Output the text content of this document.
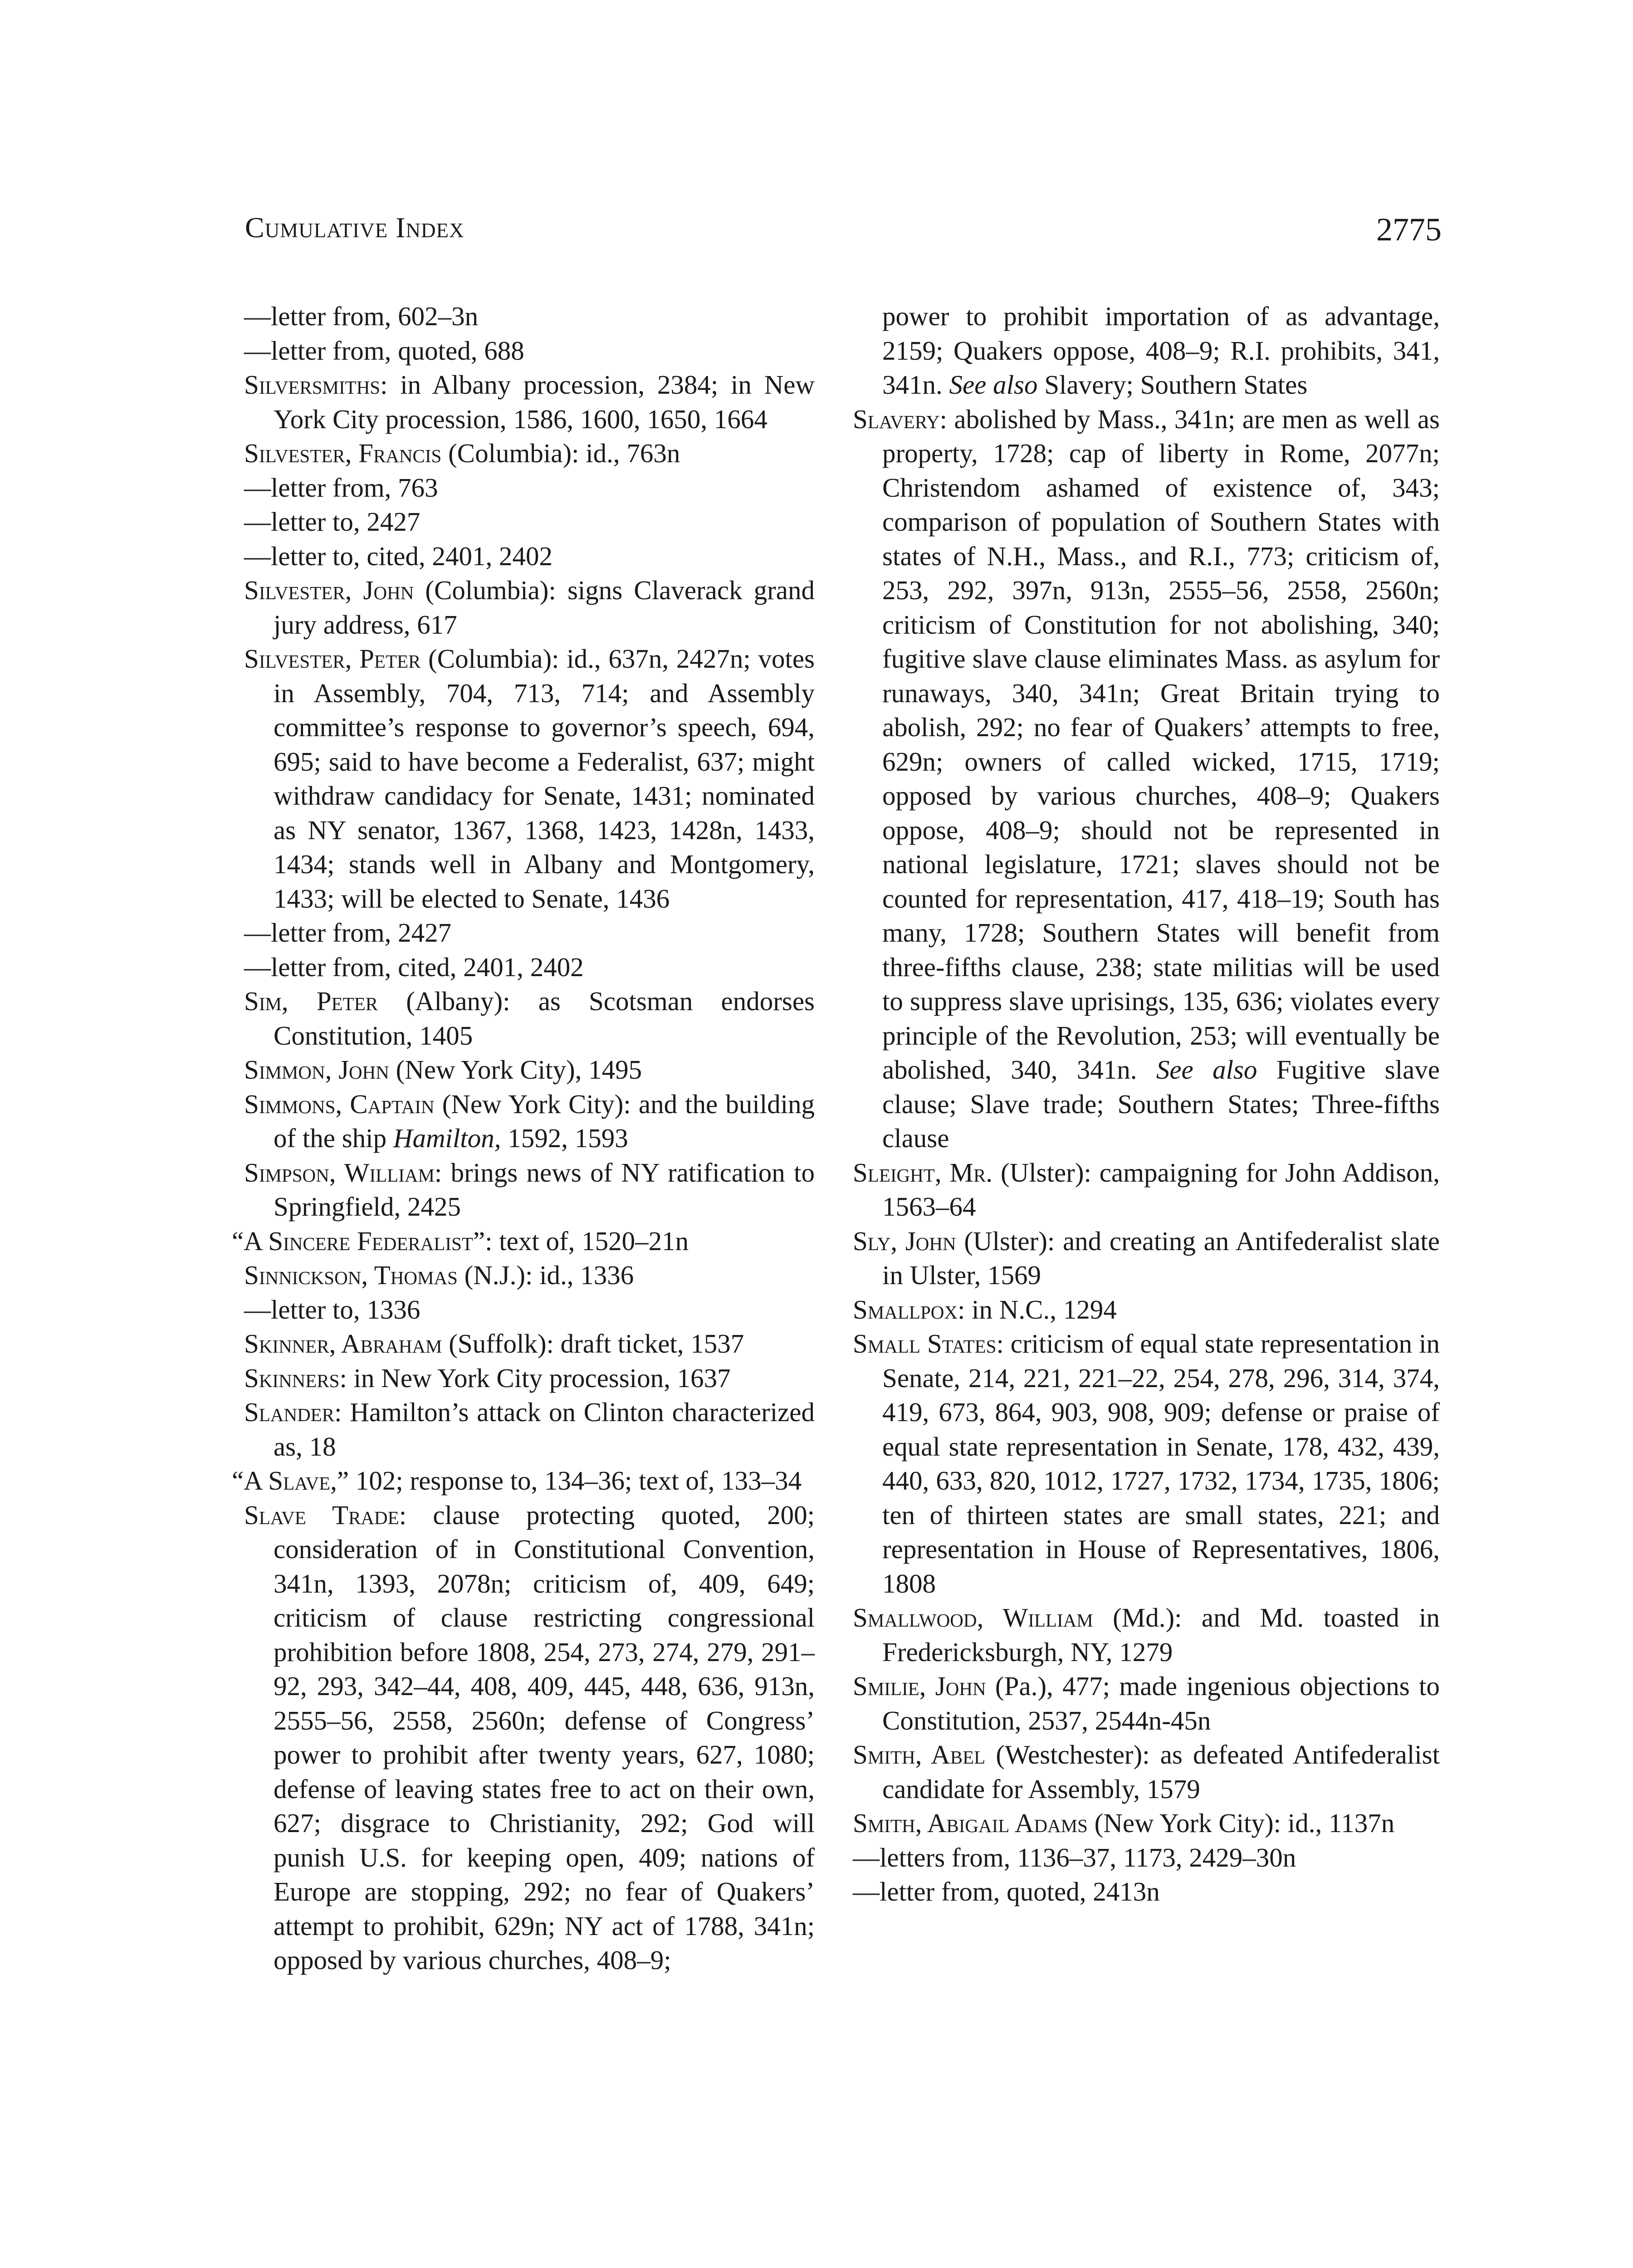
Cumulative Index	2775

—letter from, 602–3n

—letter from, quoted, 688

Silversmiths: in Albany procession, 2384; in New York City procession, 1586, 1600, 1650, 1664

Silvester, Francis (Columbia): id., 763n

—letter from, 763

—letter to, 2427

—letter to, cited, 2401, 2402

Silvester, John (Columbia): signs Claverack grand jury address, 617

Silvester, Peter (Columbia): id., 637n, 2427n; votes in Assembly, 704, 713, 714; and Assembly committee’s response to governor’s speech, 694, 695; said to have become a Federalist, 637; might withdraw candidacy for Senate, 1431; nominated as NY senator, 1367, 1368, 1423, 1428n, 1433, 1434; stands well in Albany and Montgomery, 1433; will be elected to Senate, 1436

—letter from, 2427

—letter from, cited, 2401, 2402

Sim, Peter (Albany): as Scotsman endorses Constitution, 1405

Simmon, John (New York City), 1495

Simmons, Captain (New York City): and the building of the ship Hamilton, 1592, 1593

Simpson, William: brings news of NY ratification to Springfield, 2425

“A Sincere Federalist”: text of, 1520–21n

Sinnickson, Thomas (N.J.): id., 1336

—letter to, 1336

Skinner, Abraham (Suffolk): draft ticket, 1537

Skinners: in New York City procession, 1637

Slander: Hamilton’s attack on Clinton characterized as, 18

“A Slave,” 102; response to, 134–36; text of, 133–34

Slave Trade: clause protecting quoted, 200; consideration of in Constitutional Convention, 341n, 1393, 2078n; criticism of, 409, 649; criticism of clause restricting congressional prohibition before 1808, 254, 273, 274, 279, 291–92, 293, 342–44, 408, 409, 445, 448, 636, 913n, 2555–56, 2558, 2560n; defense of Congress’ power to prohibit after twenty years, 627, 1080; defense of leaving states free to act on their own, 627; disgrace to Christianity, 292; God will punish U.S. for keeping open, 409; nations of Europe are stopping, 292; no fear of Quakers’ attempt to prohibit, 629n; NY act of 1788, 341n; opposed by various churches, 408–9;

power to prohibit importation of as advantage, 2159; Quakers oppose, 408–9; R.I. prohibits, 341, 341n. See also Slavery; Southern States

Slavery: abolished by Mass., 341n; are men as well as property, 1728; cap of liberty in Rome, 2077n; Christendom ashamed of existence of, 343; comparison of population of Southern States with states of N.H., Mass., and R.I., 773; criticism of, 253, 292, 397n, 913n, 2555–56, 2558, 2560n; criticism of Constitution for not abolishing, 340; fugitive slave clause eliminates Mass. as asylum for runaways, 340, 341n; Great Britain trying to abolish, 292; no fear of Quakers’ attempts to free, 629n; owners of called wicked, 1715, 1719; opposed by various churches, 408–9; Quakers oppose, 408–9; should not be represented in national legislature, 1721; slaves should not be counted for representation, 417, 418–19; South has many, 1728; Southern States will benefit from three-fifths clause, 238; state militias will be used to suppress slave uprisings, 135, 636; violates every principle of the Revolution, 253; will eventually be abolished, 340, 341n. See also Fugitive slave clause; Slave trade; Southern States; Three-fifths clause

Sleight, Mr. (Ulster): campaigning for John Addison, 1563–64

Sly, John (Ulster): and creating an Antifederalist slate in Ulster, 1569

Smallpox: in N.C., 1294

Small States: criticism of equal state representation in Senate, 214, 221, 221–22, 254, 278, 296, 314, 374, 419, 673, 864, 903, 908, 909; defense or praise of equal state representation in Senate, 178, 432, 439, 440, 633, 820, 1012, 1727, 1732, 1734, 1735, 1806; ten of thirteen states are small states, 221; and representation in House of Representatives, 1806, 1808

Smallwood, William (Md.): and Md. toasted in Fredericksburgh, NY, 1279

Smilie, John (Pa.), 477; made ingenious objections to Constitution, 2537, 2544n-45n

Smith, Abel (Westchester): as defeated Antifederalist candidate for Assembly, 1579

Smith, Abigail Adams (New York City): id., 1137n

—letters from, 1136–37, 1173, 2429–30n

—letter from, quoted, 2413n
